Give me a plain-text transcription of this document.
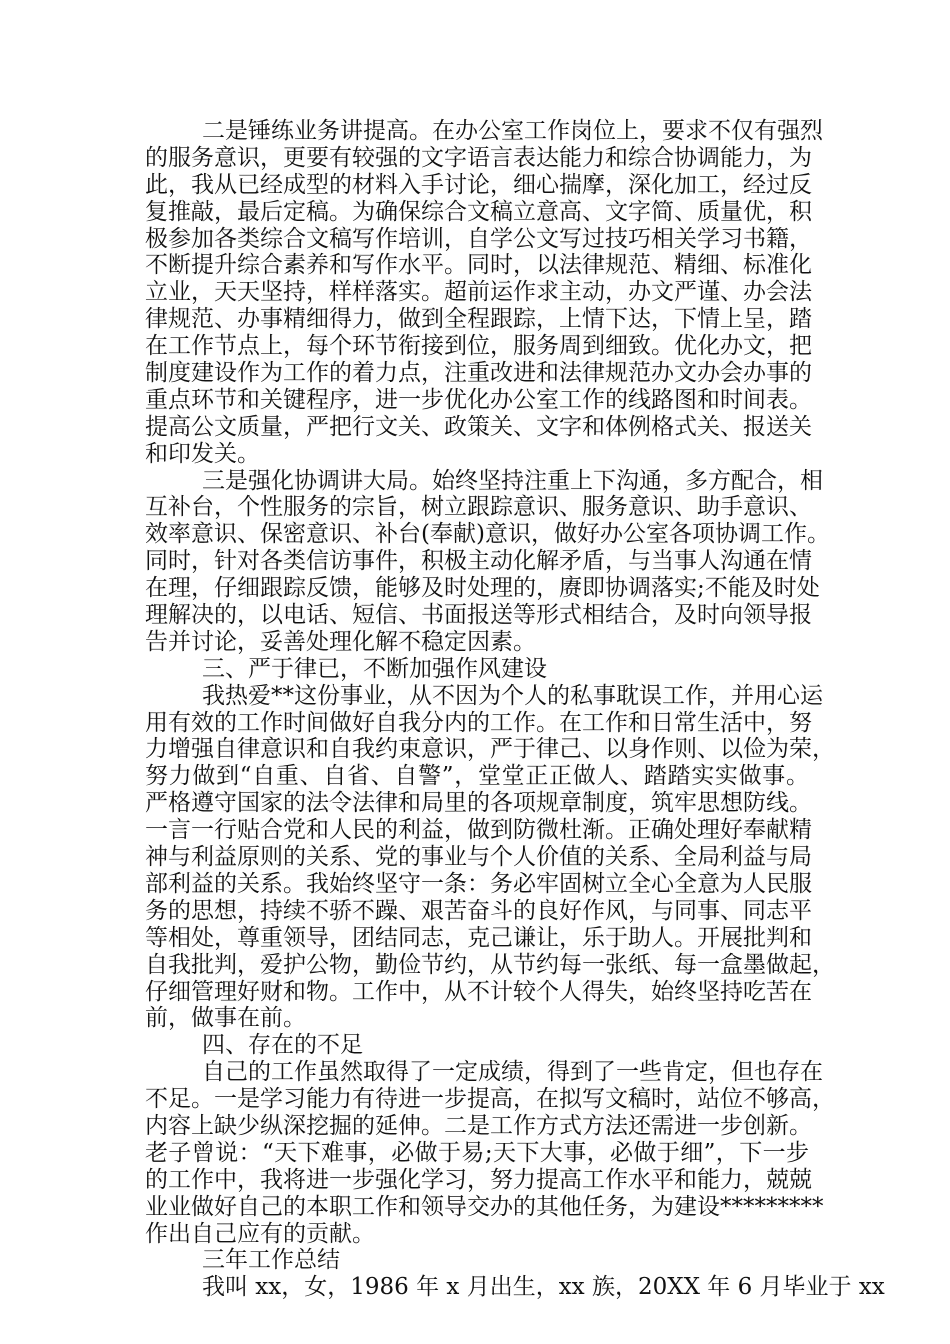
二是锤练业务讲提高。在办公室工作岗位上，要求不仅有强烈
的服务意识，更要有较强的文字语言表达能力和综合协调能力，为
此，我从已经成型的材料入手讨论，细心揣摩，深化加工，经过反
复推敲，最后定稿。为确保综合文稿立意高、文字简、质量优，积
极参加各类综合文稿写作培训，自学公文写过技巧相关学习书籍，
不断提升综合素养和写作水平。同时，以法律规范、精细、标准化
立业，天天坚持，样样落实。超前运作求主动，办文严谨、办会法
律规范、办事精细得力，做到全程跟踪，上情下达，下情上呈，踏
在工作节点上，每个环节衔接到位，服务周到细致。优化办文，把
制度建设作为工作的着力点，注重改进和法律规范办文办会办事的
重点环节和关键程序，进一步优化办公室工作的线路图和时间表。
提高公文质量，严把行文关、政策关、文字和体例格式关、报送关
和印发关。
三是强化协调讲大局。始终坚持注重上下沟通，多方配合，相
互补台，个性服务的宗旨，树立跟踪意识、服务意识、助手意识、
效率意识、保密意识、补台(奉献)意识，做好办公室各项协调工作。
同时，针对各类信访事件，积极主动化解矛盾，与当事人沟通在情
在理，仔细跟踪反馈，能够及时处理的，赓即协调落实;不能及时处
理解决的，以电话、短信、书面报送等形式相结合，及时向领导报
告并讨论，妥善处理化解不稳定因素。
三、严于律已，不断加强作风建设
我热爱**这份事业，从不因为个人的私事耽误工作，并用心运
用有效的工作时间做好自我分内的工作。在工作和日常生活中，努
力增强自律意识和自我约束意识，严于律己、以身作则、以俭为荣，
努力做到“自重、自省、自警”，堂堂正正做人、踏踏实实做事。
严格遵守国家的法令法律和局里的各项规章制度，筑牢思想防线。
一言一行贴合党和人民的利益，做到防微杜渐。正确处理好奉献精
神与利益原则的关系、党的事业与个人价值的关系、全局利益与局
部利益的关系。我始终坚守一条：务必牢固树立全心全意为人民服
务的思想，持续不骄不躁、艰苦奋斗的良好作风，与同事、同志平
等相处，尊重领导，团结同志，克己谦让，乐于助人。开展批判和
自我批判，爱护公物，勤俭节约，从节约每一张纸、每一盒墨做起，
仔细管理好财和物。工作中，从不计较个人得失，始终坚持吃苦在
前，做事在前。
四、存在的不足
自己的工作虽然取得了一定成绩，得到了一些肯定，但也存在
不足。一是学习能力有待进一步提高，在拟写文稿时，站位不够高，
内容上缺少纵深挖掘的延伸。二是工作方式方法还需进一步创新。
老子曾说：“天下难事，必做于易;天下大事，必做于细”，下一步
的工作中，我将进一步强化学习，努力提高工作水平和能力，兢兢
业业做好自己的本职工作和领导交办的其他任务，为建设*********
作出自己应有的贡献。
三年工作总结
我叫 xx，女，1986 年 x 月出生，xx 族，20XX 年 6 月毕业于 xx
